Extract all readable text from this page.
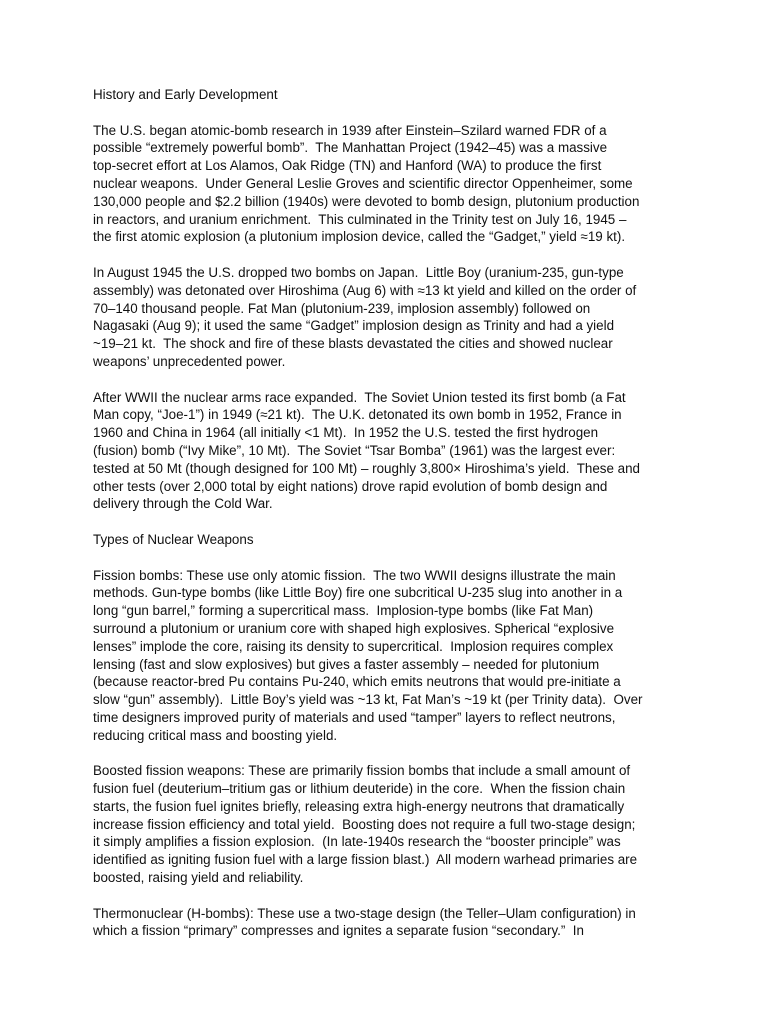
History and Early Development
The U.S. began atomic‑bomb research in 1939 after Einstein–Szilard warned FDR of a
possible “extremely powerful bomb”.  The Manhattan Project (1942–45) was a massive
top-secret effort at Los Alamos, Oak Ridge (TN) and Hanford (WA) to produce the first
nuclear weapons.  Under General Leslie Groves and scientific director Oppenheimer, some
130,000 people and $2.2 billion (1940s) were devoted to bomb design, plutonium production
in reactors, and uranium enrichment.  This culminated in the Trinity test on July 16, 1945 –
the first atomic explosion (a plutonium implosion device, called the “Gadget,” yield ≈19 kt).
In August 1945 the U.S. dropped two bombs on Japan.  Little Boy (uranium-235, gun-type
assembly) was detonated over Hiroshima (Aug 6) with ≈13 kt yield and killed on the order of
70–140 thousand people. Fat Man (plutonium-239, implosion assembly) followed on
Nagasaki (Aug 9); it used the same “Gadget” implosion design as Trinity and had a yield
~19–21 kt.  The shock and fire of these blasts devastated the cities and showed nuclear
weapons’ unprecedented power.
After WWII the nuclear arms race expanded.  The Soviet Union tested its first bomb (a Fat
Man copy, “Joe-1”) in 1949 (≈21 kt).  The U.K. detonated its own bomb in 1952, France in
1960 and China in 1964 (all initially <1 Mt).  In 1952 the U.S. tested the first hydrogen
(fusion) bomb (“Ivy Mike”, 10 Mt).  The Soviet “Tsar Bomba” (1961) was the largest ever:
tested at 50 Mt (though designed for 100 Mt) – roughly 3,800× Hiroshima’s yield.  These and
other tests (over 2,000 total by eight nations) drove rapid evolution of bomb design and
delivery through the Cold War.
Types of Nuclear Weapons
Fission bombs: These use only atomic fission.  The two WWII designs illustrate the main
methods. Gun-type bombs (like Little Boy) fire one subcritical U‑235 slug into another in a
long “gun barrel,” forming a supercritical mass.  Implosion-type bombs (like Fat Man)
surround a plutonium or uranium core with shaped high explosives. Spherical “explosive
lenses” implode the core, raising its density to supercritical.  Implosion requires complex
lensing (fast and slow explosives) but gives a faster assembly – needed for plutonium
(because reactor-bred Pu contains Pu-240, which emits neutrons that would pre-initiate a
slow “gun” assembly).  Little Boy’s yield was ~13 kt, Fat Man’s ~19 kt (per Trinity data).  Over
time designers improved purity of materials and used “tamper” layers to reflect neutrons,
reducing critical mass and boosting yield.
Boosted fission weapons: These are primarily fission bombs that include a small amount of
fusion fuel (deuterium–tritium gas or lithium deuteride) in the core.  When the fission chain
starts, the fusion fuel ignites briefly, releasing extra high-energy neutrons that dramatically
increase fission efficiency and total yield.  Boosting does not require a full two-stage design;
it simply amplifies a fission explosion.  (In late-1940s research the “booster principle” was
identified as igniting fusion fuel with a large fission blast.)  All modern warhead primaries are
boosted, raising yield and reliability.
Thermonuclear (H‑bombs): These use a two-stage design (the Teller–Ulam configuration) in
which a fission “primary” compresses and ignites a separate fusion “secondary.”  In
